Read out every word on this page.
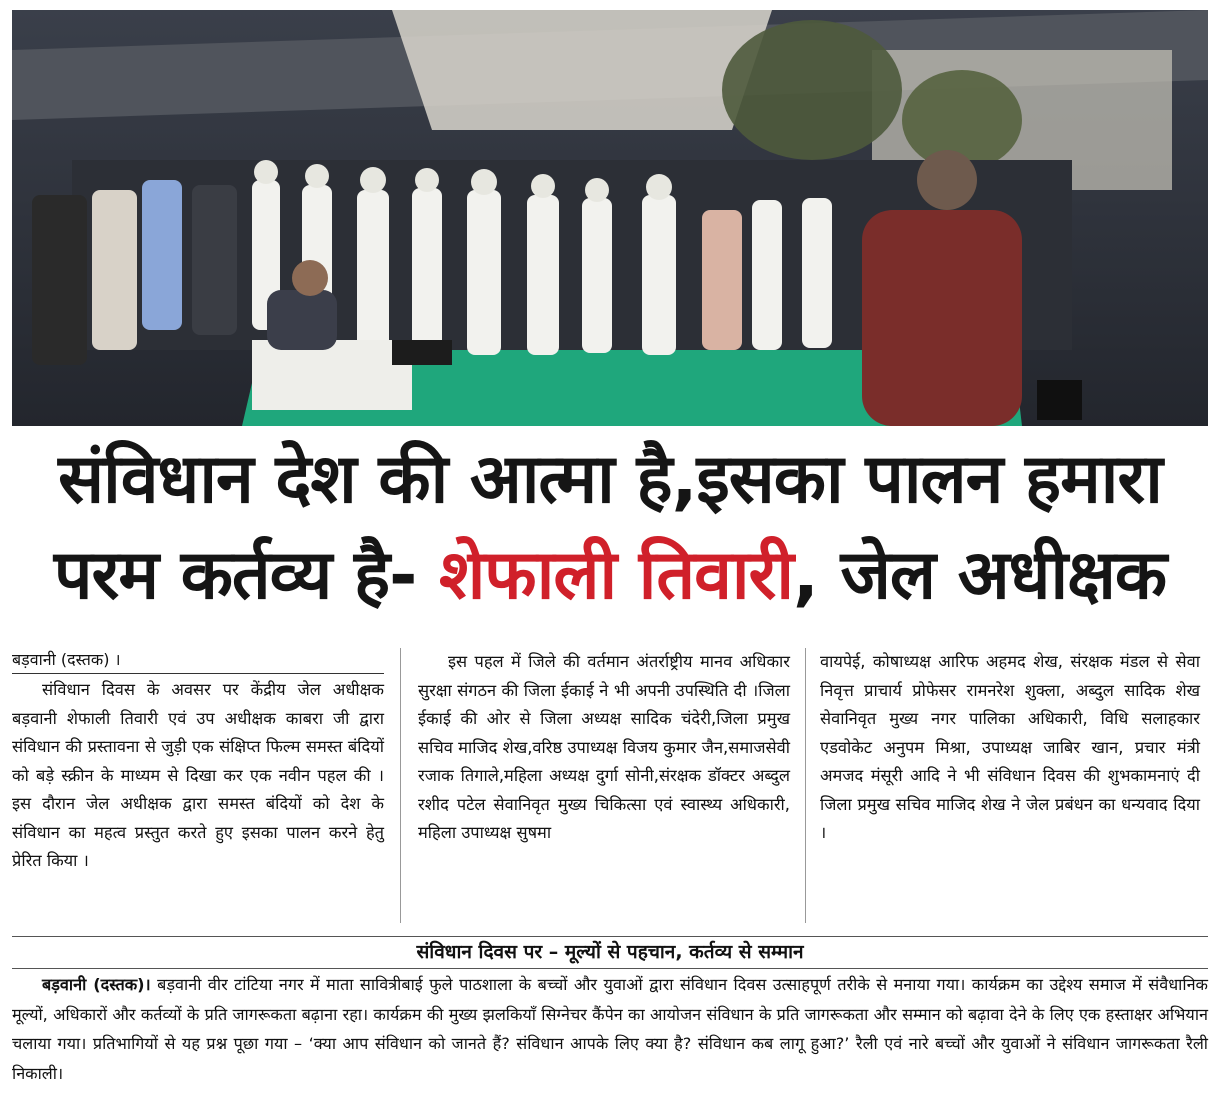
संविधान देश की आत्मा है,इसका पालन हमारा
परम कर्तव्य है- शेफाली तिवारी, जेल अधीक्षक
बड़वानी (दस्तक) ।

संविधान दिवस के अवसर पर केंद्रीय जेल अधीक्षक बड़वानी शेफाली तिवारी एवं उप अधीक्षक काबरा जी द्वारा संविधान की प्रस्तावना से जुड़ी एक संक्षिप्त फिल्म समस्त बंदियों को बड़े स्क्रीन के माध्यम से दिखा कर एक नवीन पहल की । इस दौरान जेल अधीक्षक द्वारा समस्त बंदियों को देश के संविधान का महत्व प्रस्तुत करते हुए इसका पालन करने हेतु प्रेरित किया ।

इस पहल में जिले की वर्तमान अंतर्राष्ट्रीय मानव अधिकार सुरक्षा संगठन की जिला ईकाई ने भी अपनी उपस्थिति दी ।जिला ईकाई की ओर से जिला अध्यक्ष सादिक चंदेरी,जिला प्रमुख सचिव माजिद शेख,वरिष्ठ उपाध्यक्ष विजय कुमार जैन,समाजसेवी रजाक तिगाले,महिला अध्यक्ष दुर्गा सोनी,संरक्षक डॉक्टर अब्दुल रशीद पटेल सेवानिवृत मुख्य चिकित्सा एवं स्वास्थ्य अधिकारी, महिला उपाध्यक्ष सुषमा

वायपेई, कोषाध्यक्ष आरिफ अहमद शेख, संरक्षक मंडल से सेवा निवृत्त प्राचार्य प्रोफेसर रामनरेश शुक्ला, अब्दुल सादिक शेख सेवानिवृत मुख्य नगर पालिका अधिकारी, विधि सलाहकार एडवोकेट अनुपम मिश्रा, उपाध्यक्ष जाबिर खान, प्रचार मंत्री अमजद मंसूरी आदि ने भी संविधान दिवस की शुभकामनाएं दी जिला प्रमुख सचिव माजिद शेख ने जेल प्रबंधन का धन्यवाद दिया ।

संविधान दिवस पर – मूल्यों से पहचान, कर्तव्य से सम्मान

बड़वानी (दस्तक)। बड़वानी वीर टांटिया नगर में माता सावित्रीबाई फुले पाठशाला के बच्चों और युवाओं द्वारा संविधान दिवस उत्साहपूर्ण तरीके से मनाया गया। कार्यक्रम का उद्देश्य समाज में संवैधानिक मूल्यों, अधिकारों और कर्तव्यों के प्रति जागरूकता बढ़ाना रहा। कार्यक्रम की मुख्य झलकियाँ सिग्नेचर कैंपेन का आयोजन संविधान के प्रति जागरूकता और सम्मान को बढ़ावा देने के लिए एक हस्ताक्षर अभियान चलाया गया। प्रतिभागियों से यह प्रश्न पूछा गया – ‘क्या आप संविधान को जानते हैं? संविधान आपके लिए क्या है? संविधान कब लागू हुआ?’ रैली एवं नारे बच्चों और युवाओं ने संविधान जागरूकता रैली निकाली।
